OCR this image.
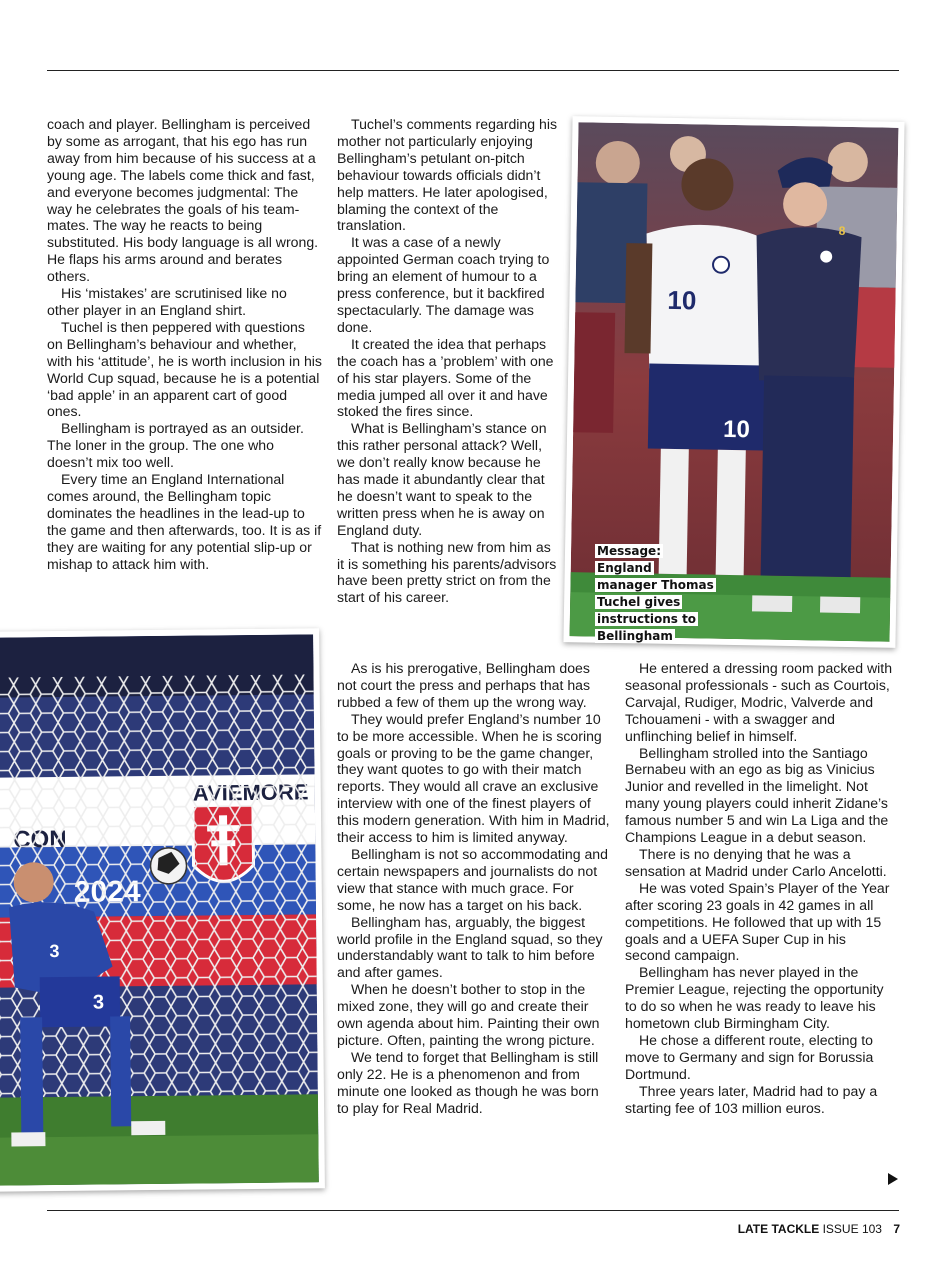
coach and player. Bellingham is perceived by some as arrogant, that his ego has run away from him because of his success at a young age. The labels come thick and fast, and everyone becomes judgmental: The way he celebrates the goals of his team-mates. The way he reacts to being substituted. His body language is all wrong. He flaps his arms around and berates others.

His ‘mistakes’ are scrutinised like no other player in an England shirt.

Tuchel is then peppered with questions on Bellingham’s behaviour and whether, with his ‘attitude’, he is worth inclusion in his World Cup squad, because he is a potential ‘bad apple’ in an apparent cart of good ones.

Bellingham is portrayed as an outsider. The loner in the group. The one who doesn’t mix too well.

Every time an England International comes around, the Bellingham topic dominates the headlines in the lead-up to the game and then afterwards, too. It is as if they are waiting for any potential slip-up or mishap to attack him with.

Tuchel’s comments regarding his mother not particularly enjoying Bellingham’s petulant on-pitch behaviour towards officials didn’t help matters. He later apologised, blaming the context of the translation.

It was a case of a newly appointed German coach trying to bring an element of humour to a press conference, but it backfired spectacularly. The damage was done.

It created the idea that perhaps the coach has a ’problem’ with one of his star players. Some of the media jumped all over it and have stoked the fires since.

What is Bellingham’s stance on this rather personal attack? Well, we don’t really know because he has made it abundantly clear that he doesn’t want to speak to the written press when he is away on England duty.

That is nothing new from him as it is something his parents/advisors have been pretty strict on from the start of his career.

As is his prerogative, Bellingham does not court the press and perhaps that has rubbed a few of them up the wrong way.

They would prefer England’s number 10 to be more accessible. When he is scoring goals or proving to be the game changer, they want quotes to go with their match reports. They would all crave an exclusive interview with one of the finest players of this modern generation. With him in Madrid, their access to him is limited anyway.

Bellingham is not so accommodating and certain newspapers and journalists do not view that stance with much grace. For some, he now has a target on his back.

Bellingham has, arguably, the biggest world profile in the England squad, so they understandably want to talk to him before and after games.

When he doesn’t bother to stop in the mixed zone, they will go and create their own agenda about him. Painting their own picture. Often, painting the wrong picture.

We tend to forget that Bellingham is still only 22. He is a phenomenon and from minute one looked as though he was born to play for Real Madrid.

He entered a dressing room packed with seasonal professionals - such as Courtois, Carvajal, Rudiger, Modric, Valverde and Tchouameni - with a swagger and unflinching belief in himself.

Bellingham strolled into the Santiago Bernabeu with an ego as big as Vinicius Junior and revelled in the limelight. Not many young players could inherit Zidane’s famous number 5 and win La Liga and the Champions League in a debut season.

There is no denying that he was a sensation at Madrid under Carlo Ancelotti.

He was voted Spain’s Player of the Year after scoring 23 goals in 42 games in all competitions. He followed that up with 15 goals and a UEFA Super Cup in his second campaign.

Bellingham has never played in the Premier League, rejecting the opportunity to do so when he was ready to leave his hometown club Birmingham City.

He chose a different route, electing to move to Germany and sign for Borussia Dortmund.

Three years later, Madrid had to pay a starting fee of 103 million euros.

10
10
8
Message: England manager Thomas Tuchel gives instructions to Bellingham
3
3
LATE TACKLE ISSUE 103 7
